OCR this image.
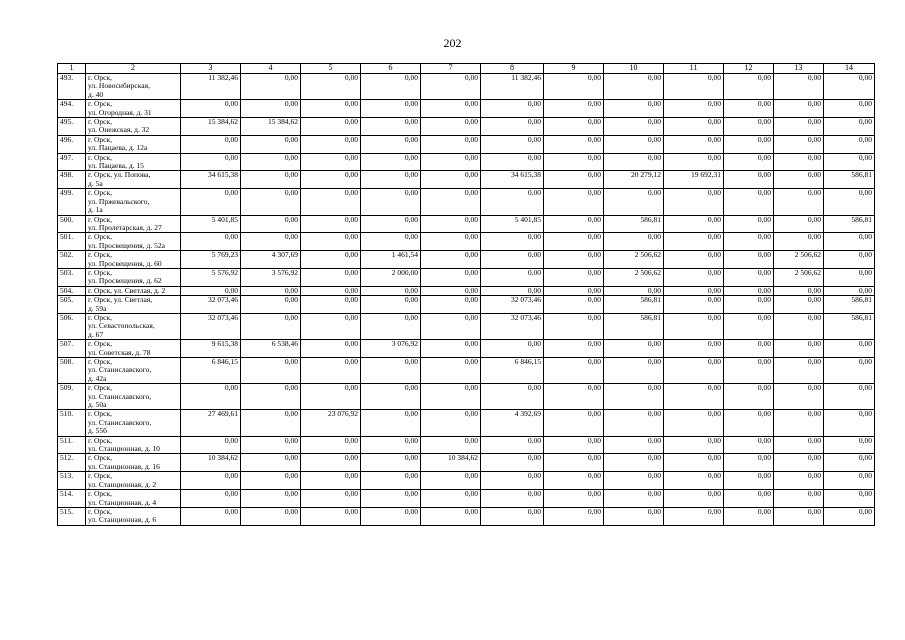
202
1	2	3	4	5	6	7	8	9	10	11	12	13	14
493.	г. Орск,
ул. Новосибирская,
д. 40	11 382,46	0,00	0,00	0,00	0,00	11 382,46	0,00	0,00	0,00	0,00	0,00	0,00
494.	г. Орск,
ул. Огородная, д. 31	0,00	0,00	0,00	0,00	0,00	0,00	0,00	0,00	0,00	0,00	0,00	0,00
495.	г. Орск,
ул. Онежская, д. 32	15 384,62	15 384,62	0,00	0,00	0,00	0,00	0,00	0,00	0,00	0,00	0,00	0,00
496.	г. Орск,
ул. Пацаева, д. 12а	0,00	0,00	0,00	0,00	0,00	0,00	0,00	0,00	0,00	0,00	0,00	0,00
497.	г. Орск,
ул. Пацаева, д. 15	0,00	0,00	0,00	0,00	0,00	0,00	0,00	0,00	0,00	0,00	0,00	0,00
498.	г. Орск, ул. Попова,
д. 5а	34 615,38	0,00	0,00	0,00	0,00	34 615,38	0,00	20 279,12	19 692,31	0,00	0,00	586,81
499.	г. Орск,
ул. Пржевальского,
д. 1а	0,00	0,00	0,00	0,00	0,00	0,00	0,00	0,00	0,00	0,00	0,00	0,00
500.	г. Орск,
ул. Пролетарская, д. 27	5 401,85	0,00	0,00	0,00	0,00	5 401,85	0,00	586,81	0,00	0,00	0,00	586,81
501.	г. Орск,
ул. Просвещения, д. 52а	0,00	0,00	0,00	0,00	0,00	0,00	0,00	0,00	0,00	0,00	0,00	0,00
502.	г. Орск,
ул. Просвещения, д. 60	5 769,23	4 307,69	0,00	1 461,54	0,00	0,00	0,00	2 506,62	0,00	0,00	2 506,62	0,00
503.	г. Орск,
ул. Просвещения, д. 62	5 576,92	3 576,92	0,00	2 000,00	0,00	0,00	0,00	2 506,62	0,00	0,00	2 506,62	0,00
504.	г. Орск, ул. Светлая, д. 2	0,00	0,00	0,00	0,00	0,00	0,00	0,00	0,00	0,00	0,00	0,00	0,00
505.	г. Орск, ул. Светлая,
д. 59а	32 073,46	0,00	0,00	0,00	0,00	32 073,46	0,00	586,81	0,00	0,00	0,00	586,81
506.	г. Орск,
ул. Севастопольская,
д. 67	32 073,46	0,00	0,00	0,00	0,00	32 073,46	0,00	586,81	0,00	0,00	0,00	586,81
507.	г. Орск,
ул. Советская, д. 78	9 615,38	6 538,46	0,00	3 076,92	0,00	0,00	0,00	0,00	0,00	0,00	0,00	0,00
508.	г. Орск,
ул. Станиславского,
д. 42а	6 846,15	0,00	0,00	0,00	0,00	6 846,15	0,00	0,00	0,00	0,00	0,00	0,00
509.	г. Орск,
ул. Станиславского,
д. 50а	0,00	0,00	0,00	0,00	0,00	0,00	0,00	0,00	0,00	0,00	0,00	0,00
510.	г. Орск,
ул. Станиславского,
д. 55б	27 469,61	0,00	23 076,92	0,00	0,00	4 392,69	0,00	0,00	0,00	0,00	0,00	0,00
511.	г. Орск,
ул. Станционная, д. 10	0,00	0,00	0,00	0,00	0,00	0,00	0,00	0,00	0,00	0,00	0,00	0,00
512.	г. Орск,
ул. Станционная, д. 16	10 384,62	0,00	0,00	0,00	10 384,62	0,00	0,00	0,00	0,00	0,00	0,00	0,00
513.	г. Орск,
ул. Станционная, д. 2	0,00	0,00	0,00	0,00	0,00	0,00	0,00	0,00	0,00	0,00	0,00	0,00
514.	г. Орск,
ул. Станционная, д. 4	0,00	0,00	0,00	0,00	0,00	0,00	0,00	0,00	0,00	0,00	0,00	0,00
515.	г. Орск,
ул. Станционная, д. 6	0,00	0,00	0,00	0,00	0,00	0,00	0,00	0,00	0,00	0,00	0,00	0,00
